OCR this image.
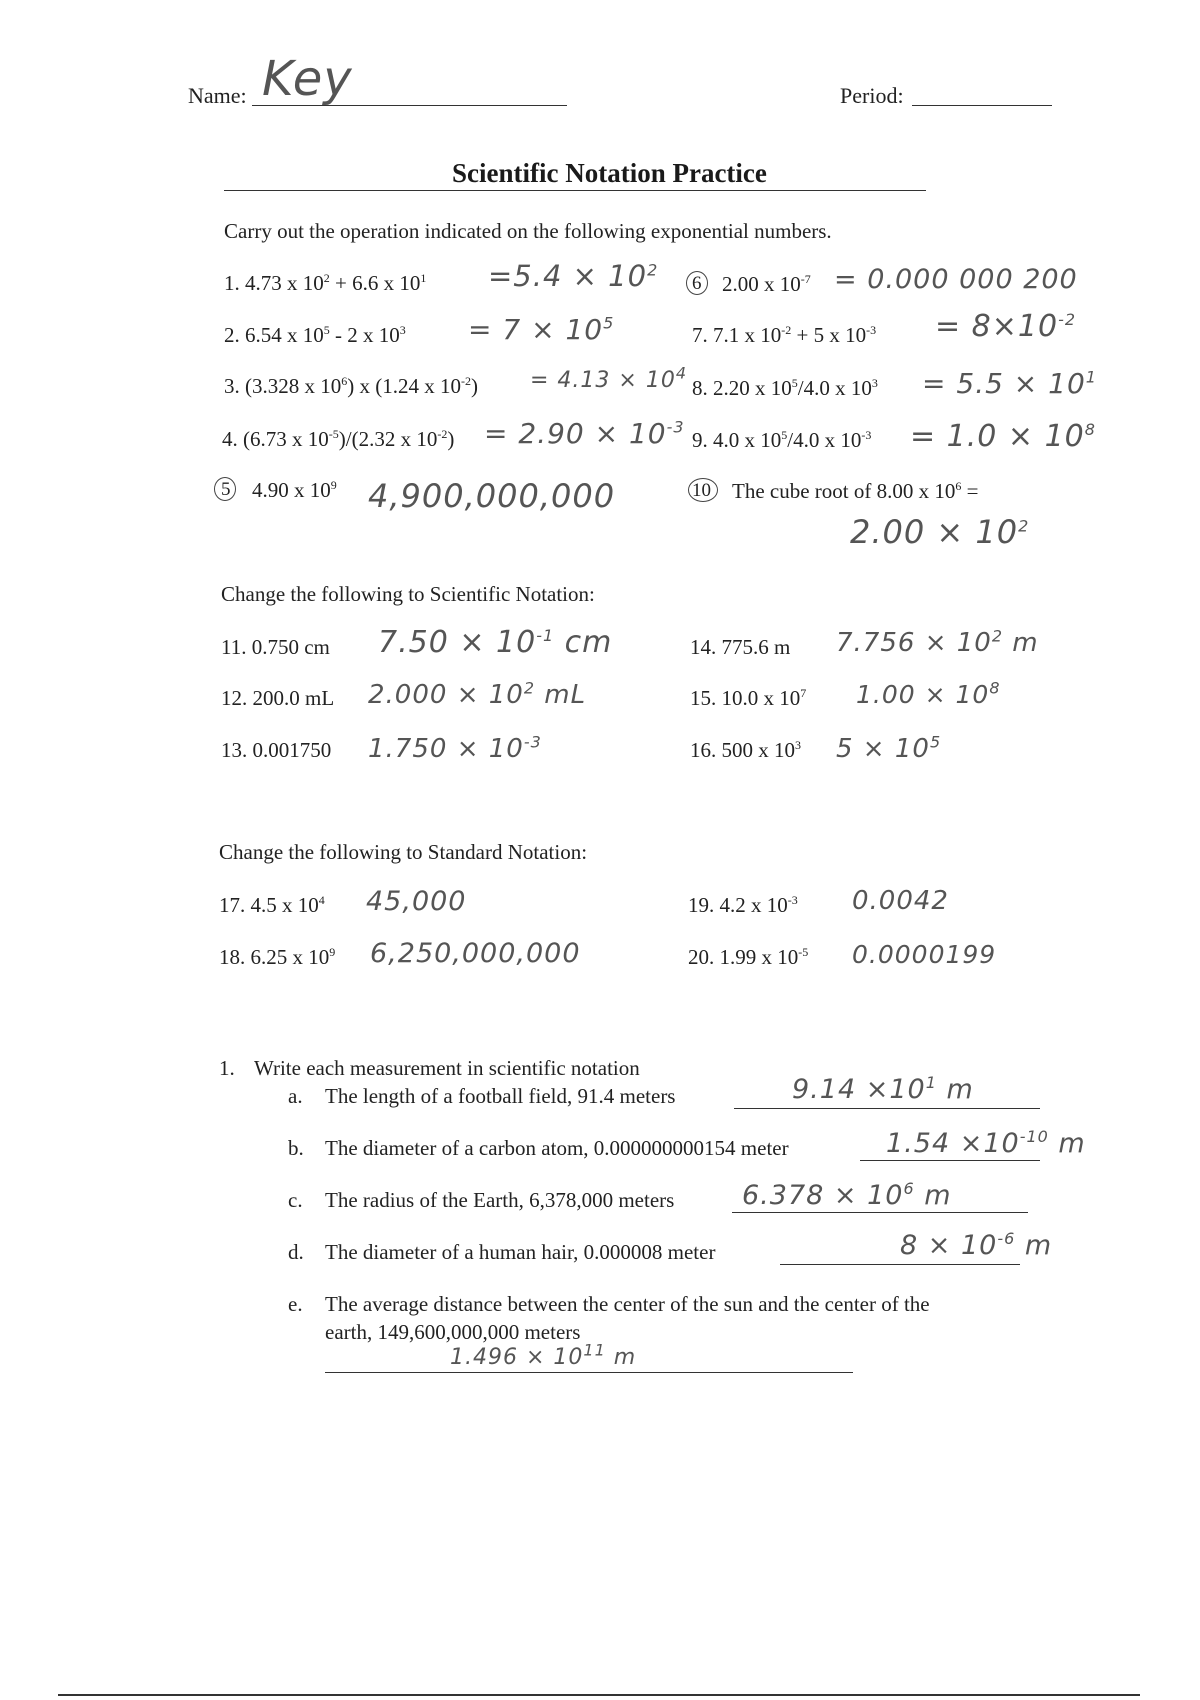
Name: Key	Period:
Scientific Notation Practice
Carry out the operation indicated on the following exponential numbers.
1. 4.73 x $10^2 + 6.6$ x $10^1 =5.4 \times 10^2$
2. 6.54 x $10^5 - 2$ x $10^3 = 7 \times 10^5$
3. (3.328 x $10^6$) x (1.24 x $10^{-2}) = 4.13 \times 10^4$
4. (6.73 x $10^{-5})/(2.32$ x $10^{-2}) = 2.90 \times 10^{-3}$
5 4.90 x $10^9$ 4,900,000,000
6 2.00 x $10^{-7} = 0.000$ 000 200
7. 7.1 x $10^{-2} + 5$ x $10^{-3} = 8\times 10^{-2}$
8. 2.20 x $10^5/4.0$ x $10^3 = 5.5 \times 10^1$
9. 4.0 x $10^5/4.0$ x $10^{-3} = 1.0 \times 10^8$
10 The cube root of 8.00 x $10^6$ =
$2.00 \times 10^2$
Change the following to Scientific Notation:
11. 0.750 cm $7.50 \times 10^{-1}$ cm
12. 200.0 mL $2.000 \times 10^2$ mL
13. 0.001750 $1.750 \times 10^{-3}$
14. 775.6 m $7.756 \times 10^2$ m
15. 10.0 x $10^7$ $1.00 \times 10^8$
16. 500 x $10^3$ $5 \times 10^5$
Change the following to Standard Notation:
17. 4.5 x $10^4$ 45,000
18. 6.25 x $10^9$ 6,250,000,000
19. 4.2 x $10^{-3}$ 0.0042
20. 1.99 x $10^{-5}$ 0.0000199
1. Write each measurement in scientific notation
a. The length of a football field, 91.4 meters	$9.14 \times 10^1$ m
b. The diameter of a carbon atom, 0.000000000154 meter	$1.54 \times 10^{-10}$ m
c. The radius of the Earth, 6,378,000 meters	$6.378 \times 10^6$ m
d. The diameter of a human hair, 0.000008 meter	$8 \times 10^{-6}$ m
e. The average distance between the center of the sun and the center of the
earth, 149,600,000,000 meters
$1.496 \times 10^{11}$ m
